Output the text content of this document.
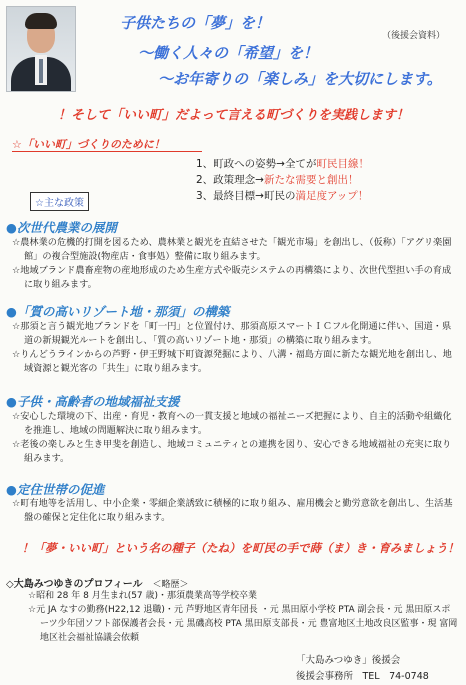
子供たちの「夢」を！
〜働く人々の「希望」を！
〜お年寄りの「楽しみ」を大切にします。
（後援会資料）
！そして「いい町」だよって言える町づくりを実践します！
☆「いい町」づくりのために！
1、町政への姿勢→全てが町民目線！
2、政策理念→新たな需要と創出！
3、最終目標→町民の満足度アップ！
☆主な政策
●次世代農業の展開

☆農林業の危機的打開を図るため、農林業と観光を直結させた「観光市場」を創出し、（仮称）「アグリ楽園館」の複合型施設(物産店・食事処）整備に取り組みます。

☆地域ブランド農畜産物の産地形成のため生産方式や販売システムの再構築により、次世代型担い手の育成に取り組みます。

●「質の高いリゾート地・那須」の構築

☆那須と言う観光地ブランドを「町一円」と位置付け、那須高原スマートＩＣフル化開通に伴い、国道・県道の新規観光ルートを創出し、「質の高いリゾート地・那須」の構築に取り組みます。

☆りんどうラインからの芦野・伊王野城下町資源発掘により、八溝・福島方面に新たな観光地を創出し、地域資源と観光客の「共生」に取り組みます。

●子供・高齢者の地域福祉支援

☆安心した環境の下、出産・育児・教育への一貫支援と地域の福祉ニーズ把握により、自主的活動や組織化を推進し、地域の問題解決に取り組みます。

☆老後の楽しみと生き甲斐を創造し、地域コミュニティとの連携を図り、安心できる地域福祉の充実に取り組みます。

●定住世帯の促進

☆町有地等を活用し、中小企業・零細企業誘致に積極的に取り組み、雇用機会と勤労意欲を創出し、生活基盤の確保と定住化に取り組みます。

！「夢・いい町」という名の種子（たね）を町民の手で蒔（ま）き・育みましょう！
◇大島みつゆきのプロフィール　 ＜略歴＞

☆昭和 28 年 8 月生まれ(57 歳)・那須農業高等学校卒業

☆元 JA なすの勤務(H22,12 退職)・元 芦野地区青年団長 ・元 黒田原小学校 PTA 副会長・元 黒田原スポーツ少年団ソフト部保護者会長・元 黒磯高校 PTA 黒田原支部長・元 豊富地区土地改良区監事・現 富岡地区社会福祉協議会依頼

「大島みつゆき」後援会
後援会事務所　TEL　74-0748
